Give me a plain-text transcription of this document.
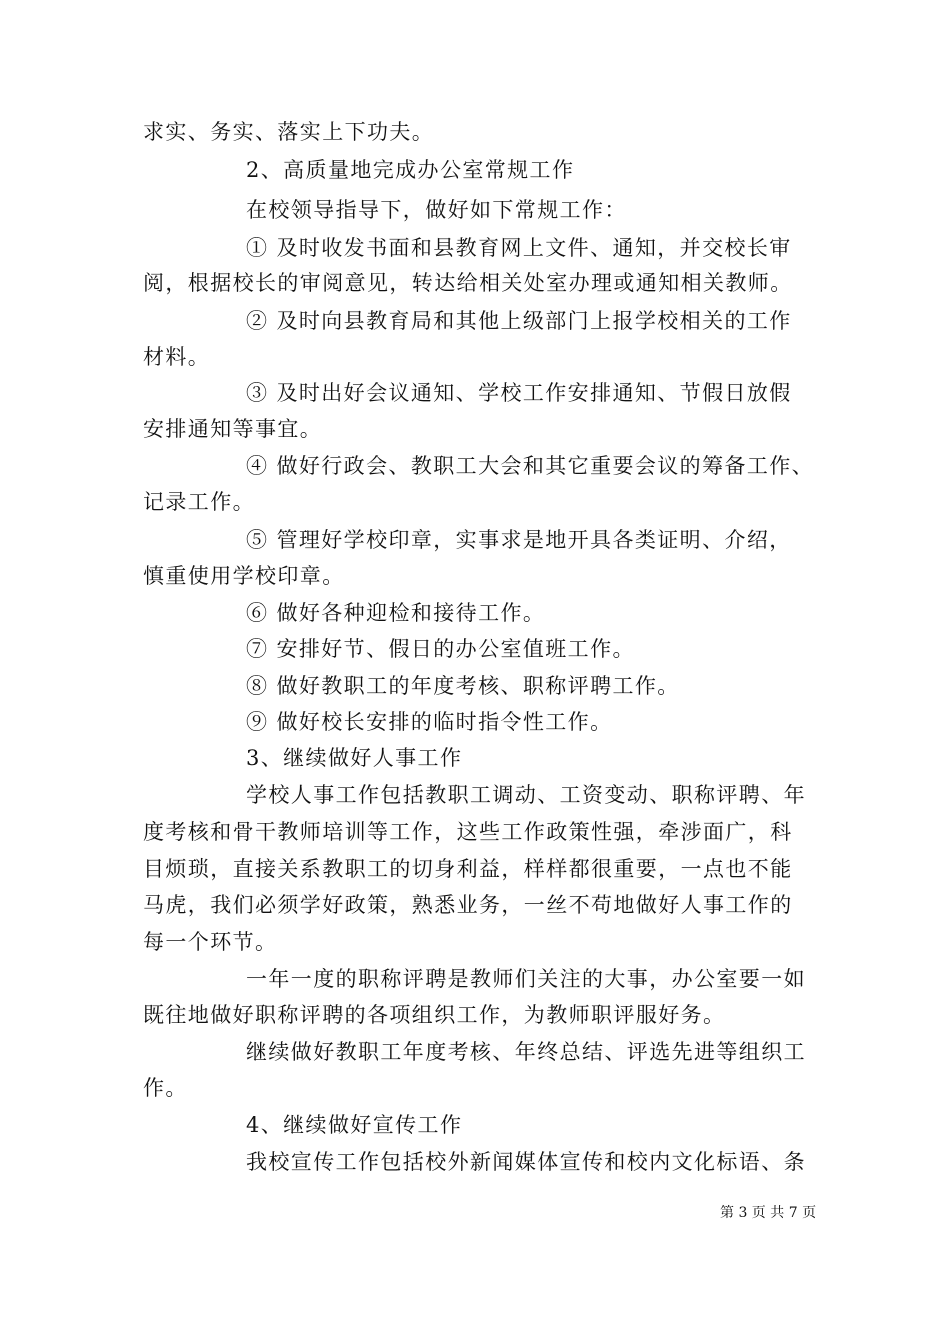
求实、务实、落实上下功夫。
2、高质量地完成办公室常规工作
在校领导指导下，做好如下常规工作：
① 及时收发书面和县教育网上文件、通知，并交校长审
阅，根据校长的审阅意见，转达给相关处室办理或通知相关教师。
② 及时向县教育局和其他上级部门上报学校相关的工作
材料。
③ 及时出好会议通知、学校工作安排通知、节假日放假
安排通知等事宜。
④ 做好行政会、教职工大会和其它重要会议的筹备工作、
记录工作。
⑤ 管理好学校印章，实事求是地开具各类证明、介绍，
慎重使用学校印章。
⑥ 做好各种迎检和接待工作。
⑦ 安排好节、假日的办公室值班工作。
⑧ 做好教职工的年度考核、职称评聘工作。
⑨ 做好校长安排的临时指令性工作。
3、继续做好人事工作
学校人事工作包括教职工调动、工资变动、职称评聘、年
度考核和骨干教师培训等工作，这些工作政策性强，牵涉面广，科
目烦琐，直接关系教职工的切身利益，样样都很重要，一点也不能
马虎，我们必须学好政策，熟悉业务，一丝不苟地做好人事工作的
每一个环节。
一年一度的职称评聘是教师们关注的大事，办公室要一如
既往地做好职称评聘的各项组织工作，为教师职评服好务。
继续做好教职工年度考核、年终总结、评选先进等组织工
作。
4、继续做好宣传工作
我校宣传工作包括校外新闻媒体宣传和校内文化标语、条
第 3 页 共 7 页
